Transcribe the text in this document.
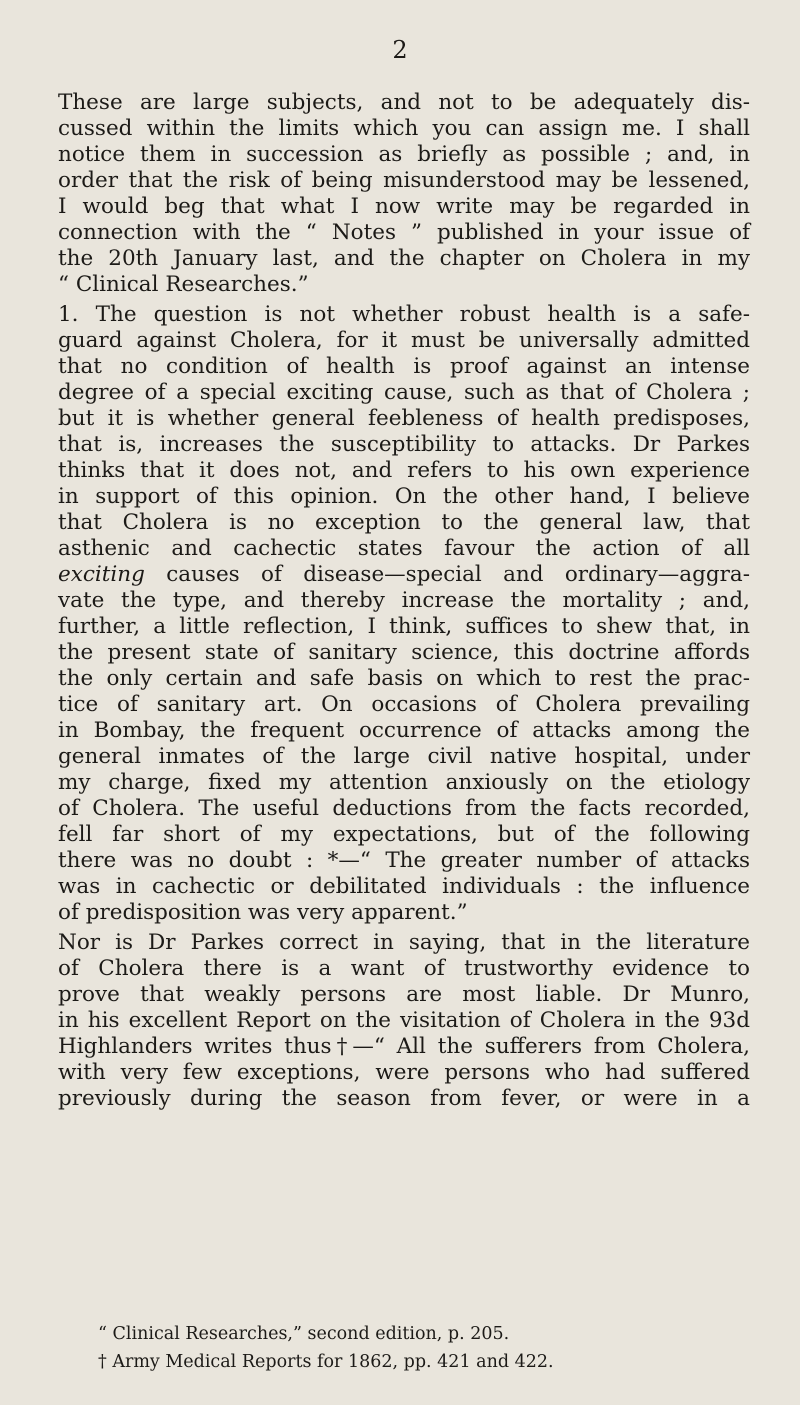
2
These are large subjects, and not to be adequately dis-
cussed within the limits which you can assign me. I shall
notice them in succession as briefly as possible ; and, in
order that the risk of being misunderstood may be lessened,
I would beg that what I now write may be regarded in
connection with the “ Notes ” published in your issue of
the 20th January last, and the chapter on Cholera in my
“ Clinical Researches.”
1. The question is not whether robust health is a safe-
guard against Cholera, for it must be universally admitted
that no condition of health is proof against an intense
degree of a special exciting cause, such as that of Cholera ;
but it is whether general feebleness of health predisposes,
that is, increases the susceptibility to attacks. Dr Parkes
thinks that it does not, and refers to his own experience
in support of this opinion. On the other hand, I believe
that Cholera is no exception to the general law, that
asthenic and cachectic states favour the action of all
exciting causes of disease—special and ordinary—aggra-
vate the type, and thereby increase the mortality ; and,
further, a little reflection, I think, suffices to shew that, in
the present state of sanitary science, this doctrine affords
the only certain and safe basis on which to rest the prac-
tice of sanitary art. On occasions of Cholera prevailing
in Bombay, the frequent occurrence of attacks among the
general inmates of the large civil native hospital, under
my charge, fixed my attention anxiously on the etiology
of Cholera. The useful deductions from the facts recorded,
fell far short of my expectations, but of the following
there was no doubt : *—“ The greater number of attacks
was in cachectic or debilitated individuals : the influence
of predisposition was very apparent.”
Nor is Dr Parkes correct in saying, that in the literature
of Cholera there is a want of trustworthy evidence to
prove that weakly persons are most liable. Dr Munro,
in his excellent Report on the visitation of Cholera in the 93d
Highlanders writes thus†—“ All the sufferers from Cholera,
with very few exceptions, were persons who had suffered
previously during the season from fever, or were in a
“ Clinical Researches,” second edition, p. 205.
† Army Medical Reports for 1862, pp. 421 and 422.
